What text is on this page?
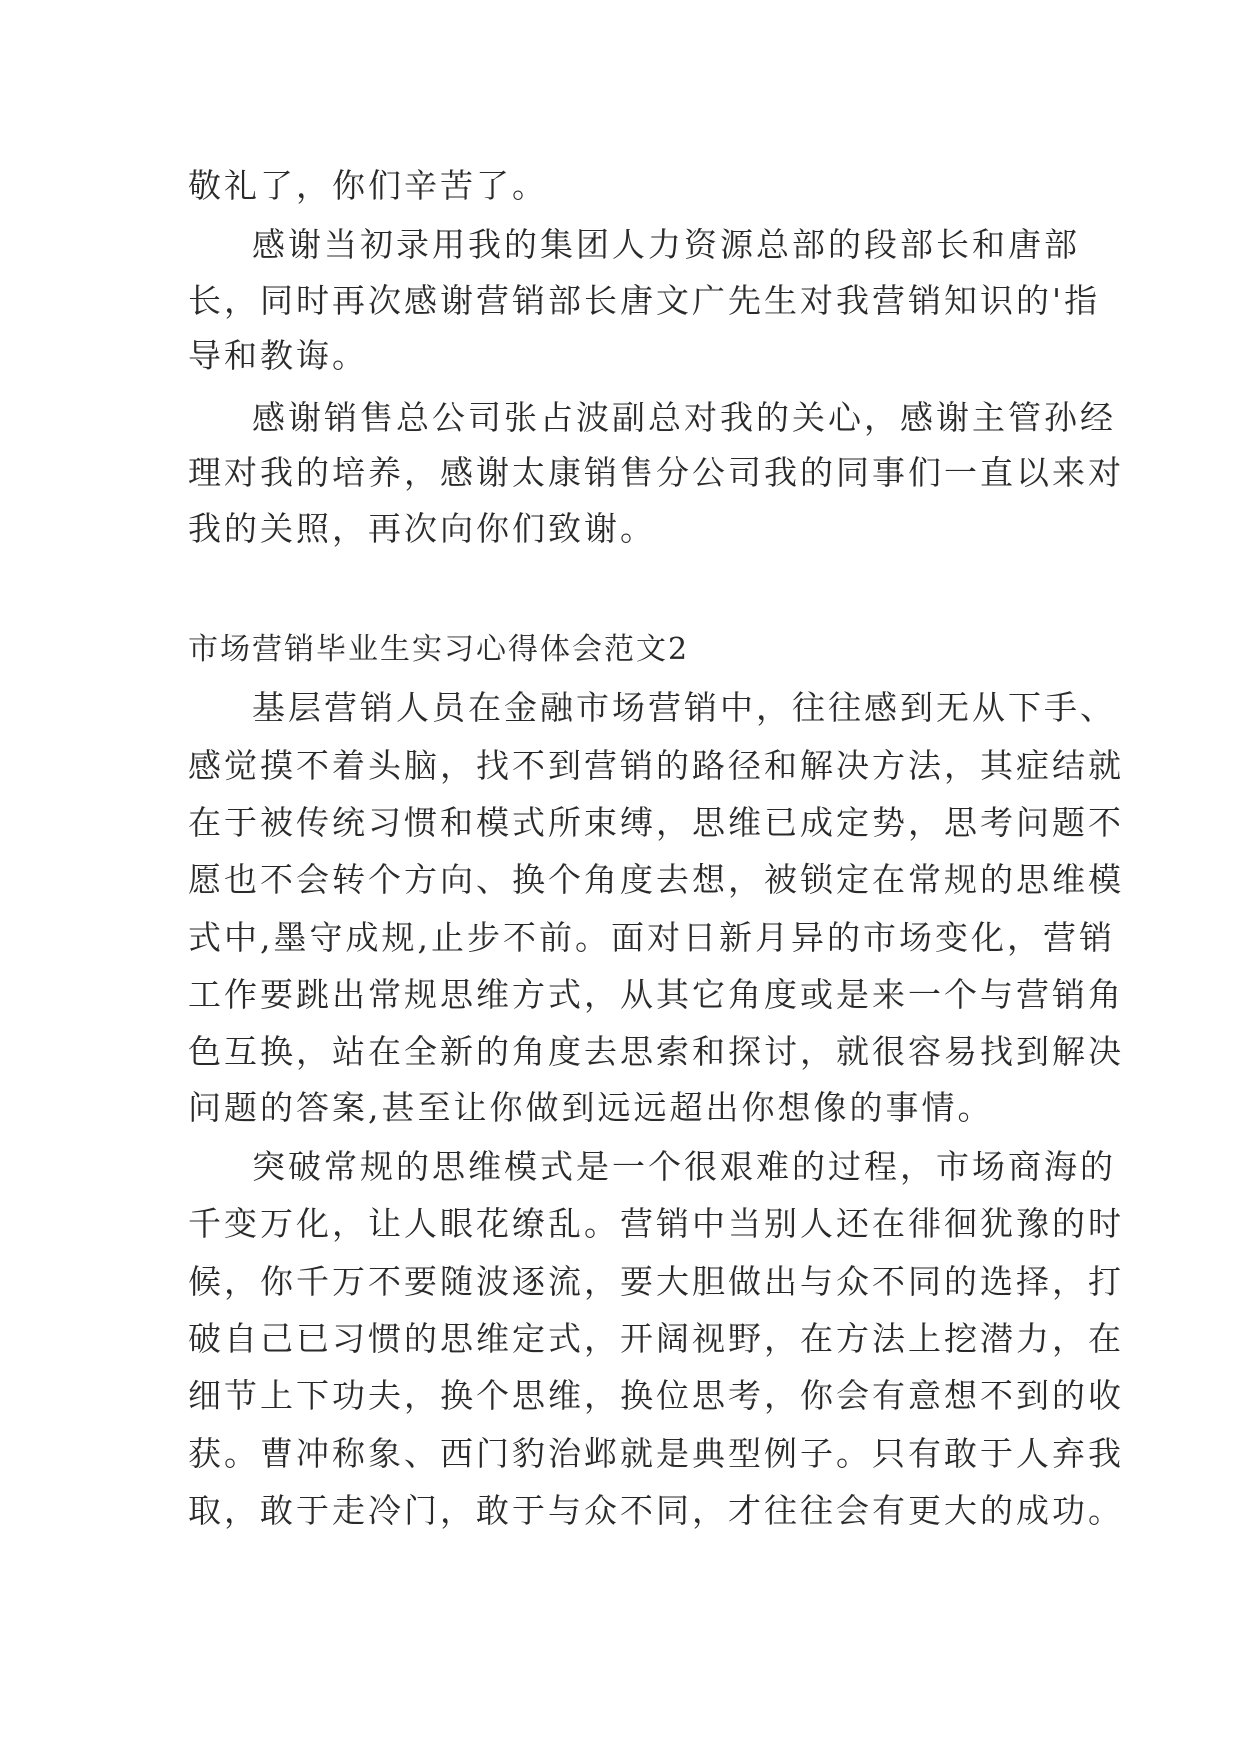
敬礼了，你们辛苦了。

感谢当初录用我的集团人力资源总部的段部长和唐部

长，同时再次感谢营销部长唐文广先生对我营销知识的'指

导和教诲。

感谢销售总公司张占波副总对我的关心，感谢主管孙经

理对我的培养，感谢太康销售分公司我的同事们一直以来对

我的关照，再次向你们致谢。

市场营销毕业生实习心得体会范文2

基层营销人员在金融市场营销中，往往感到无从下手、

感觉摸不着头脑，找不到营销的路径和解决方法，其症结就

在于被传统习惯和模式所束缚，思维已成定势，思考问题不

愿也不会转个方向、换个角度去想，被锁定在常规的思维模

式中,墨守成规,止步不前。面对日新月异的市场变化，营销

工作要跳出常规思维方式，从其它角度或是来一个与营销角

色互换，站在全新的角度去思索和探讨，就很容易找到解决

问题的答案,甚至让你做到远远超出你想像的事情。

突破常规的思维模式是一个很艰难的过程，市场商海的

千变万化，让人眼花缭乱。营销中当别人还在徘徊犹豫的时

候，你千万不要随波逐流，要大胆做出与众不同的选择，打

破自己已习惯的思维定式，开阔视野，在方法上挖潜力，在

细节上下功夫，换个思维，换位思考，你会有意想不到的收

获。曹冲称象、西门豹治邺就是典型例子。只有敢于人弃我

取，敢于走冷门，敢于与众不同，才往往会有更大的成功。
